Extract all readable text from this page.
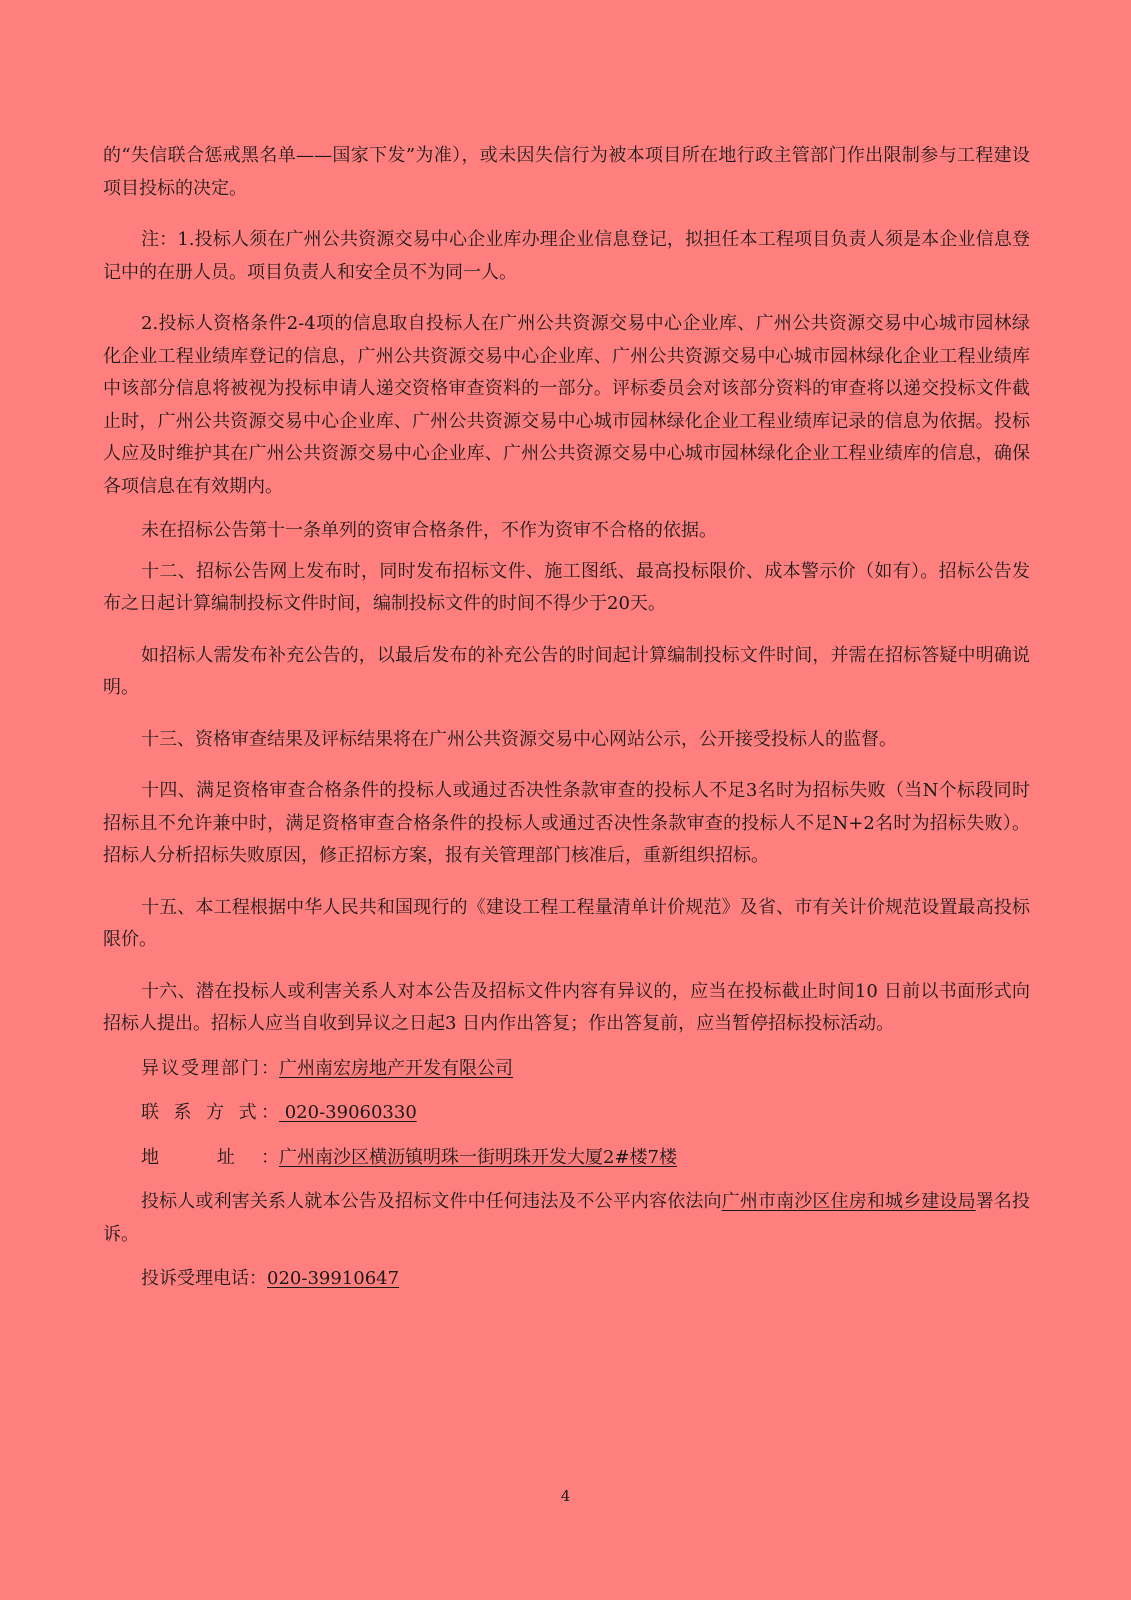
的“失信联合惩戒黑名单——国家下发”为准），或未因失信行为被本项目所在地行政主管部门作出限制参与工程建设项目投标的决定。

注：1.投标人须在广州公共资源交易中心企业库办理企业信息登记，拟担任本工程项目负责人须是本企业信息登记中的在册人员。项目负责人和安全员不为同一人。

2.投标人资格条件2-4项的信息取自投标人在广州公共资源交易中心企业库、广州公共资源交易中心城市园林绿化企业工程业绩库登记的信息，广州公共资源交易中心企业库、广州公共资源交易中心城市园林绿化企业工程业绩库中该部分信息将被视为投标申请人递交资格审查资料的一部分。评标委员会对该部分资料的审查将以递交投标文件截止时，广州公共资源交易中心企业库、广州公共资源交易中心城市园林绿化企业工程业绩库记录的信息为依据。投标人应及时维护其在广州公共资源交易中心企业库、广州公共资源交易中心城市园林绿化企业工程业绩库的信息，确保各项信息在有效期内。

未在招标公告第十一条单列的资审合格条件，不作为资审不合格的依据。

十二、招标公告网上发布时，同时发布招标文件、施工图纸、最高投标限价、成本警示价（如有）。招标公告发布之日起计算编制投标文件时间，编制投标文件的时间不得少于20天。

如招标人需发布补充公告的，以最后发布的补充公告的时间起计算编制投标文件时间，并需在招标答疑中明确说明。

十三、资格审查结果及评标结果将在广州公共资源交易中心网站公示，公开接受投标人的监督。

十四、满足资格审查合格条件的投标人或通过否决性条款审查的投标人不足3名时为招标失败（当N个标段同时招标且不允许兼中时，满足资格审查合格条件的投标人或通过否决性条款审查的投标人不足N+2名时为招标失败）。招标人分析招标失败原因，修正招标方案，报有关管理部门核准后，重新组织招标。

十五、本工程根据中华人民共和国现行的《建设工程工程量清单计价规范》及省、市有关计价规范设置最高投标限价。

十六、潜在投标人或利害关系人对本公告及招标文件内容有异议的，应当在投标截止时间10 日前以书面形式向招标人提出。招标人应当自收到异议之日起3 日内作出答复；作出答复前，应当暂停招标投标活动。

异议受理部门：广州南宏房地产开发有限公司
联 系 方 式： 020-39060330
地 址：广州南沙区横沥镇明珠一街明珠开发大厦2#楼7楼

投标人或利害关系人就本公告及招标文件中任何违法及不公平内容依法向广州市南沙区住房和城乡建设局署名投诉。

投诉受理电话：020-39910647
4
